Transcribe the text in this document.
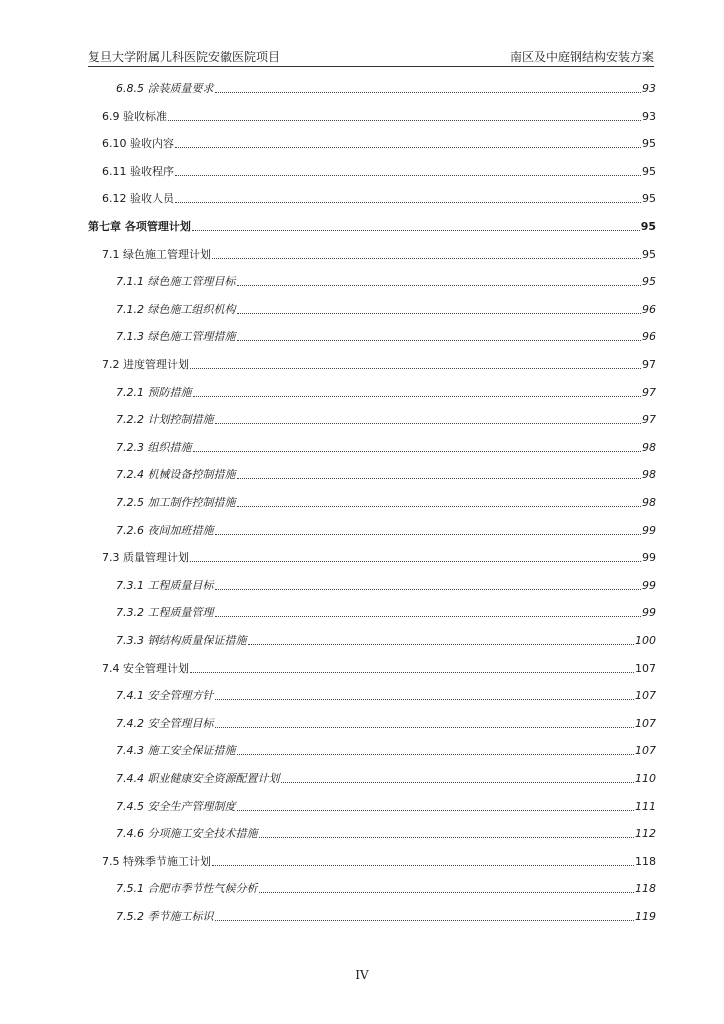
复旦大学附属儿科医院安徽医院项目	南区及中庭钢结构安装方案
6.8.5 涂装质量要求	93
6.9 验收标准	93
6.10 验收内容	95
6.11 验收程序	95
6.12 验收人员	95
第七章 各项管理计划	95
7.1 绿色施工管理计划	95
7.1.1 绿色施工管理目标	95
7.1.2 绿色施工组织机构	96
7.1.3 绿色施工管理措施	96
7.2 进度管理计划	97
7.2.1 预防措施	97
7.2.2 计划控制措施	97
7.2.3 组织措施	98
7.2.4 机械设备控制措施	98
7.2.5 加工制作控制措施	98
7.2.6 夜间加班措施	99
7.3 质量管理计划	99
7.3.1 工程质量目标	99
7.3.2 工程质量管理	99
7.3.3 钢结构质量保证措施	100
7.4 安全管理计划	107
7.4.1 安全管理方针	107
7.4.2 安全管理目标	107
7.4.3 施工安全保证措施	107
7.4.4 职业健康安全资源配置计划	110
7.4.5 安全生产管理制度	111
7.4.6 分项施工安全技术措施	112
7.5 特殊季节施工计划	118
7.5.1 合肥市季节性气候分析	118
7.5.2 季节施工标识	119
IV
